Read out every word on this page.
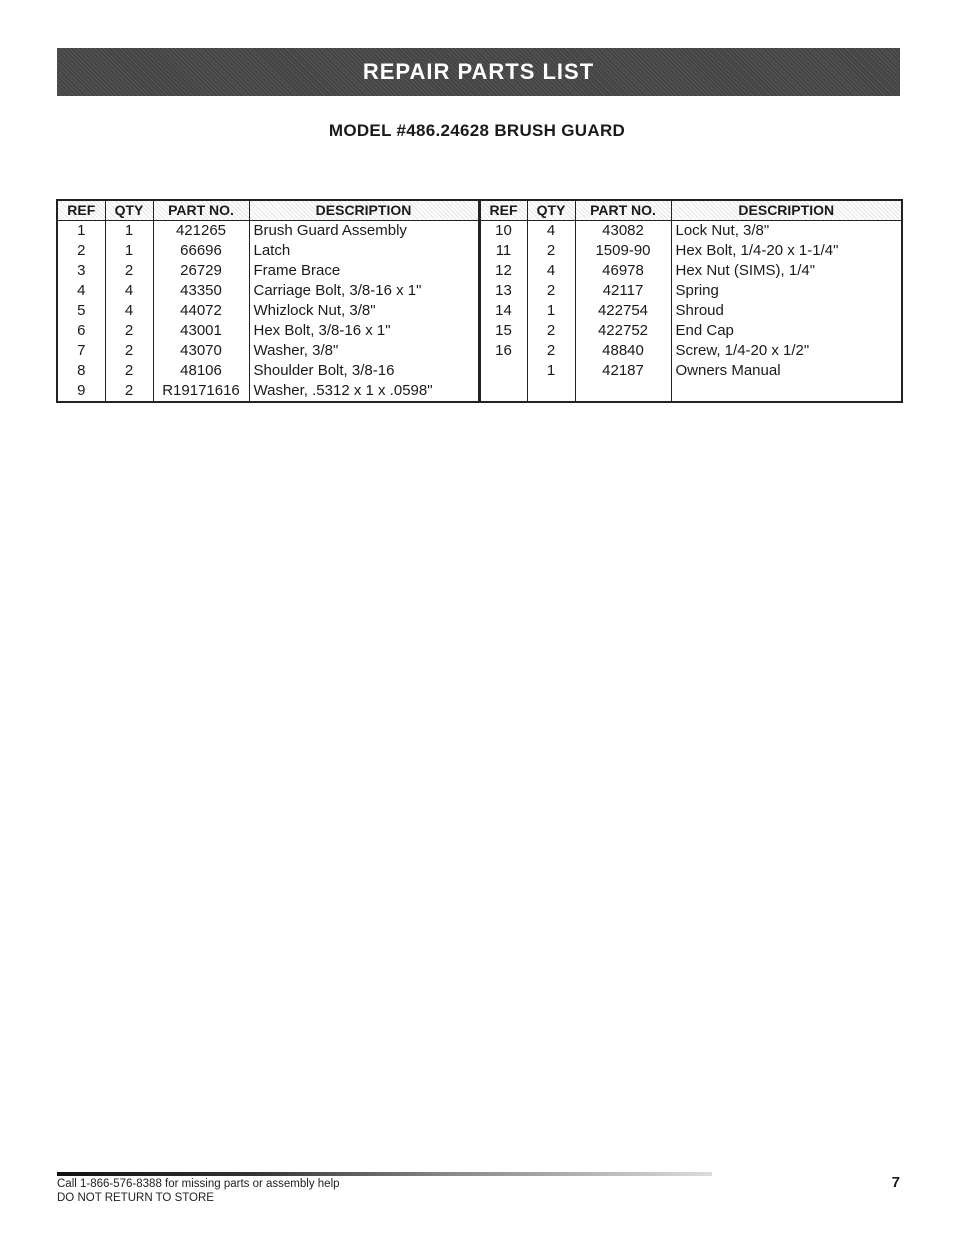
REPAIR PARTS LIST
MODEL #486.24628 BRUSH GUARD
REF	QTY	PART NO.	DESCRIPTION	REF	QTY	PART NO.	DESCRIPTION
1	1	421265	Brush Guard Assembly	10	4	43082	Lock Nut, 3/8"
2	1	66696	Latch	11	2	1509-90	Hex Bolt, 1/4-20 x 1-1/4"
3	2	26729	Frame Brace	12	4	46978	Hex Nut (SIMS), 1/4"
4	4	43350	Carriage Bolt, 3/8-16 x 1"	13	2	42117	Spring
5	4	44072	Whizlock Nut, 3/8"	14	1	422754	Shroud
6	2	43001	Hex Bolt, 3/8-16 x 1"	15	2	422752	End Cap
7	2	43070	Washer, 3/8"	16	2	48840	Screw, 1/4-20 x 1/2"
8	2	48106	Shoulder Bolt, 3/8-16		1	42187	Owners Manual
9	2	R19171616	Washer, .5312 x 1 x .0598"				
Call 1-866-576-8388 for missing parts or assembly help
DO NOT RETURN TO STORE
7
